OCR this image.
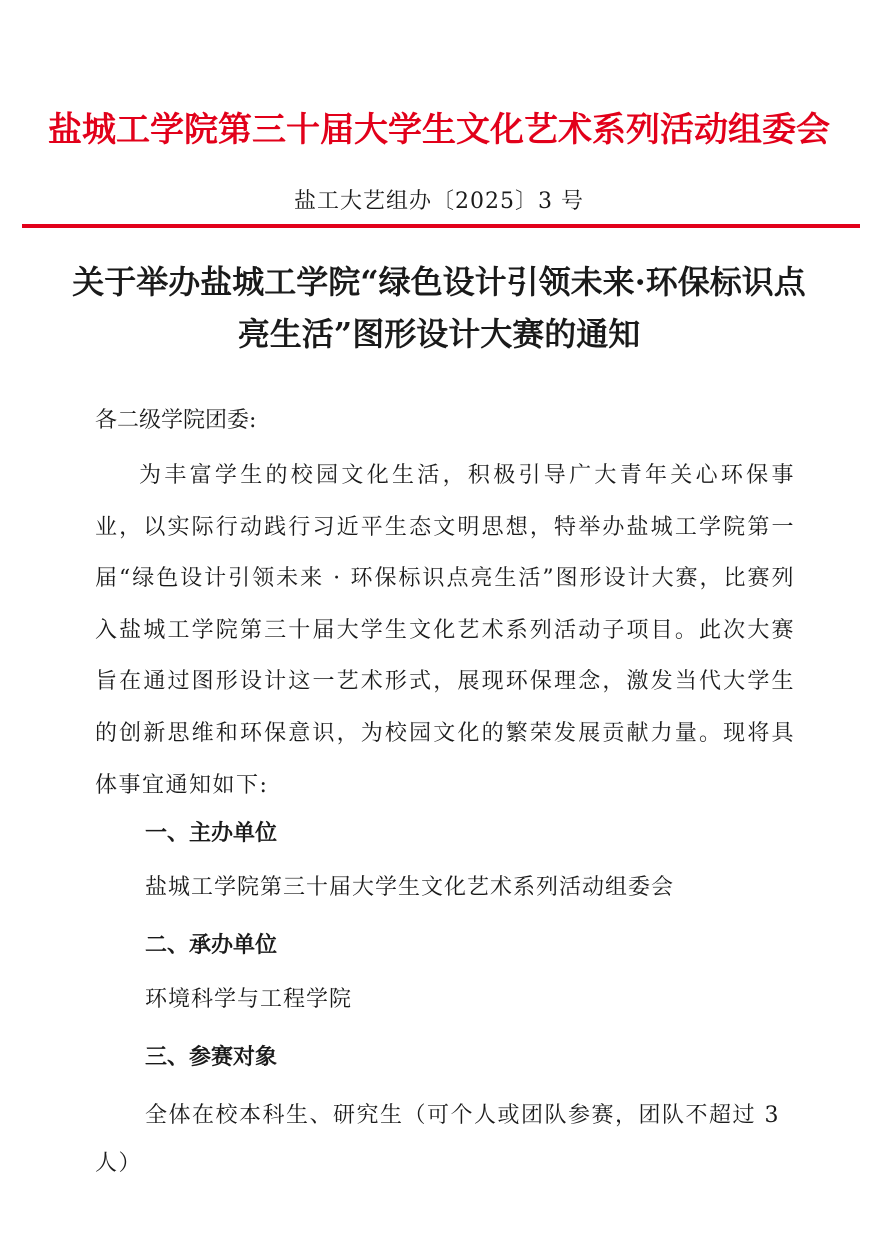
盐城工学院第三十届大学生文化艺术系列活动组委会
盐工大艺组办〔2025〕3 号
关于举办盐城工学院“绿色设计引领未来·环保标识点亮生活”图形设计大赛的通知
各二级学院团委:
为丰富学生的校园文化生活，积极引导广大青年关心环保事业，以实际行动践行习近平生态文明思想，特举办盐城工学院第一届“绿色设计引领未来 · 环保标识点亮生活”图形设计大赛，比赛列入盐城工学院第三十届大学生文化艺术系列活动子项目。此次大赛旨在通过图形设计这一艺术形式，展现环保理念，激发当代大学生的创新思维和环保意识，为校园文化的繁荣发展贡献力量。现将具体事宜通知如下:
一、主办单位
盐城工学院第三十届大学生文化艺术系列活动组委会
二、承办单位
环境科学与工程学院
三、参赛对象
全体在校本科生、研究生（可个人或团队参赛，团队不超过 3 人）
